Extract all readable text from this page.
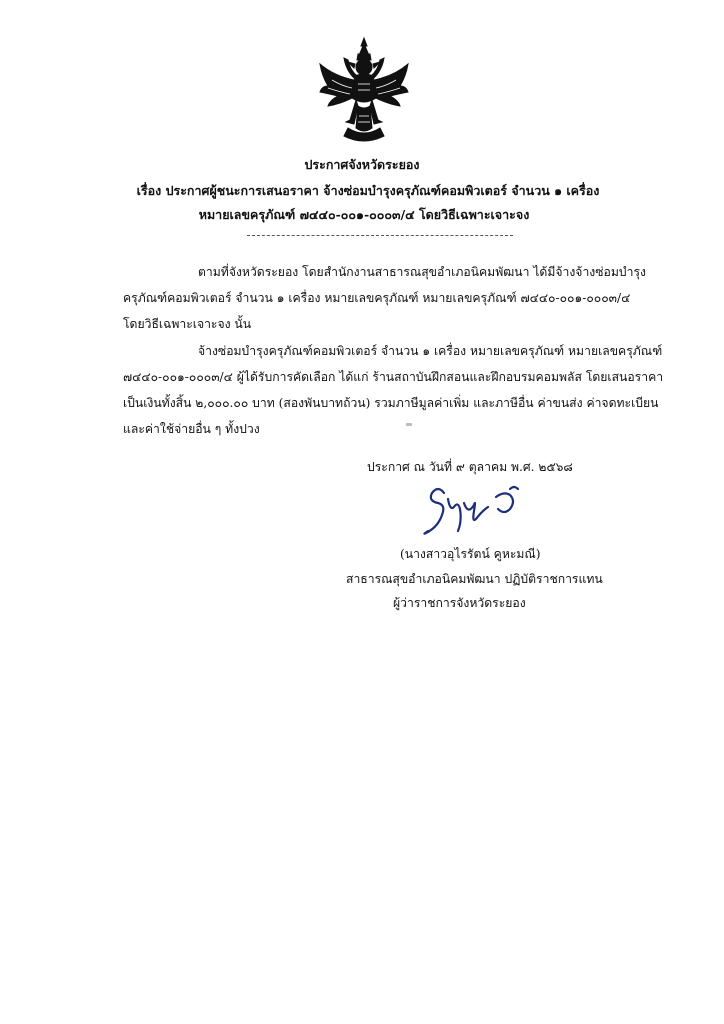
ประกาศจังหวัดระยอง
เรื่อง ประกาศผู้ชนะการเสนอราคา จ้างซ่อมบำรุงครุภัณฑ์คอมพิวเตอร์ จำนวน ๑ เครื่อง
หมายเลขครุภัณฑ์ ๗๔๔๐-๐๐๑-๐๐๐๓/๔ โดยวิธีเฉพาะเจาะจง
ตามที่จังหวัดระยอง โดยสำนักงานสาธารณสุขอำเภอนิคมพัฒนา ได้มีจ้างจ้างซ่อมบำรุง
ครุภัณฑ์คอมพิวเตอร์ จำนวน ๑ เครื่อง หมายเลขครุภัณฑ์ หมายเลขครุภัณฑ์ ๗๔๔๐-๐๐๑-๐๐๐๓/๔
โดยวิธีเฉพาะเจาะจง นั้น
จ้างซ่อมบำรุงครุภัณฑ์คอมพิวเตอร์ จำนวน ๑ เครื่อง หมายเลขครุภัณฑ์ หมายเลขครุภัณฑ์
๗๔๔๐-๐๐๑-๐๐๐๓/๔ ผู้ได้รับการคัดเลือก ได้แก่ ร้านสถาบันฝึกสอนและฝึกอบรมคอมพลัส โดยเสนอราคา
เป็นเงินทั้งสิ้น ๒,๐๐๐.๐๐ บาท (สองพันบาทถ้วน) รวมภาษีมูลค่าเพิ่ม และภาษีอื่น ค่าขนส่ง ค่าจดทะเบียน
และค่าใช้จ่ายอื่น ๆ ทั้งปวง
ประกาศ ณ วันที่ ๙ ตุลาคม พ.ศ. ๒๕๖๘
(นางสาวอุไรรัตน์ คูหะมณี)
สาธารณสุขอำเภอนิคมพัฒนา ปฏิบัติราชการแทน
ผู้ว่าราชการจังหวัดระยอง
